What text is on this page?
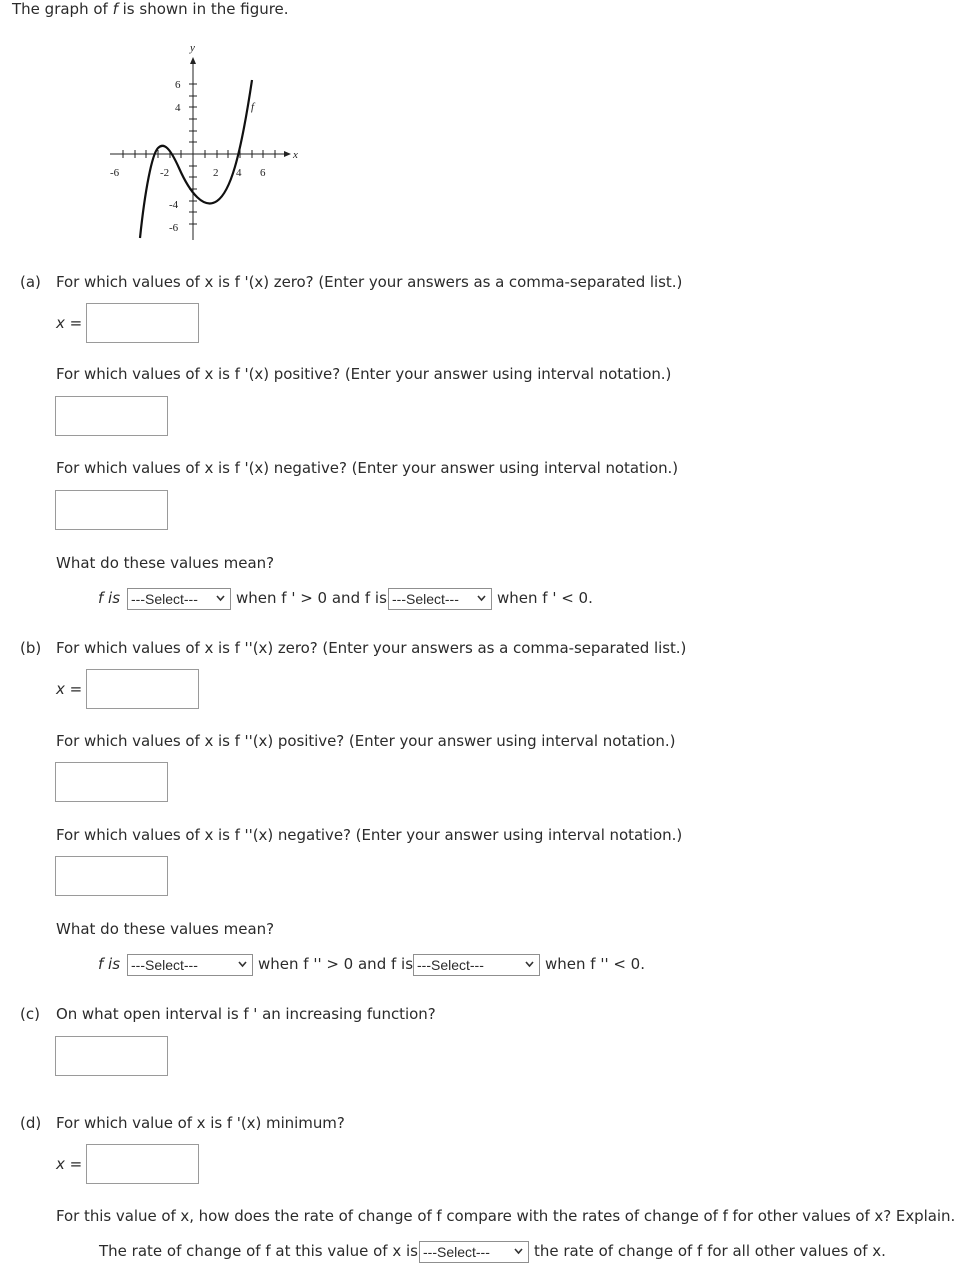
The graph of f is shown in the figure.
y
x
f
-6	-2	2 4 6
6
4
-4
-6
(a) For which values of x is f '(x) zero? (Enter your answers as a comma-separated list.)
x =
For which values of x is f '(x) positive? (Enter your answer using interval notation.)
For which values of x is f '(x) negative? (Enter your answer using interval notation.)
What do these values mean?
f is ---Select---	when f ' > 0 and f is ---Select---	when f ' < 0.
(b) For which values of x is f ''(x) zero? (Enter your answers as a comma-separated list.)
x =
For which values of x is f ''(x) positive? (Enter your answer using interval notation.)
For which values of x is f ''(x) negative? (Enter your answer using interval notation.)
What do these values mean?
f is ---Select---	when f '' > 0 and f is ---Select---	when f '' < 0.
(c) On what open interval is f ' an increasing function?
(d) For which value of x is f '(x) minimum?
x =
For this value of x, how does the rate of change of f compare with the rates of change of f for other values of x? Explain.
The rate of change of f at this value of x is ---Select---	the rate of change of f for all other values of x.
